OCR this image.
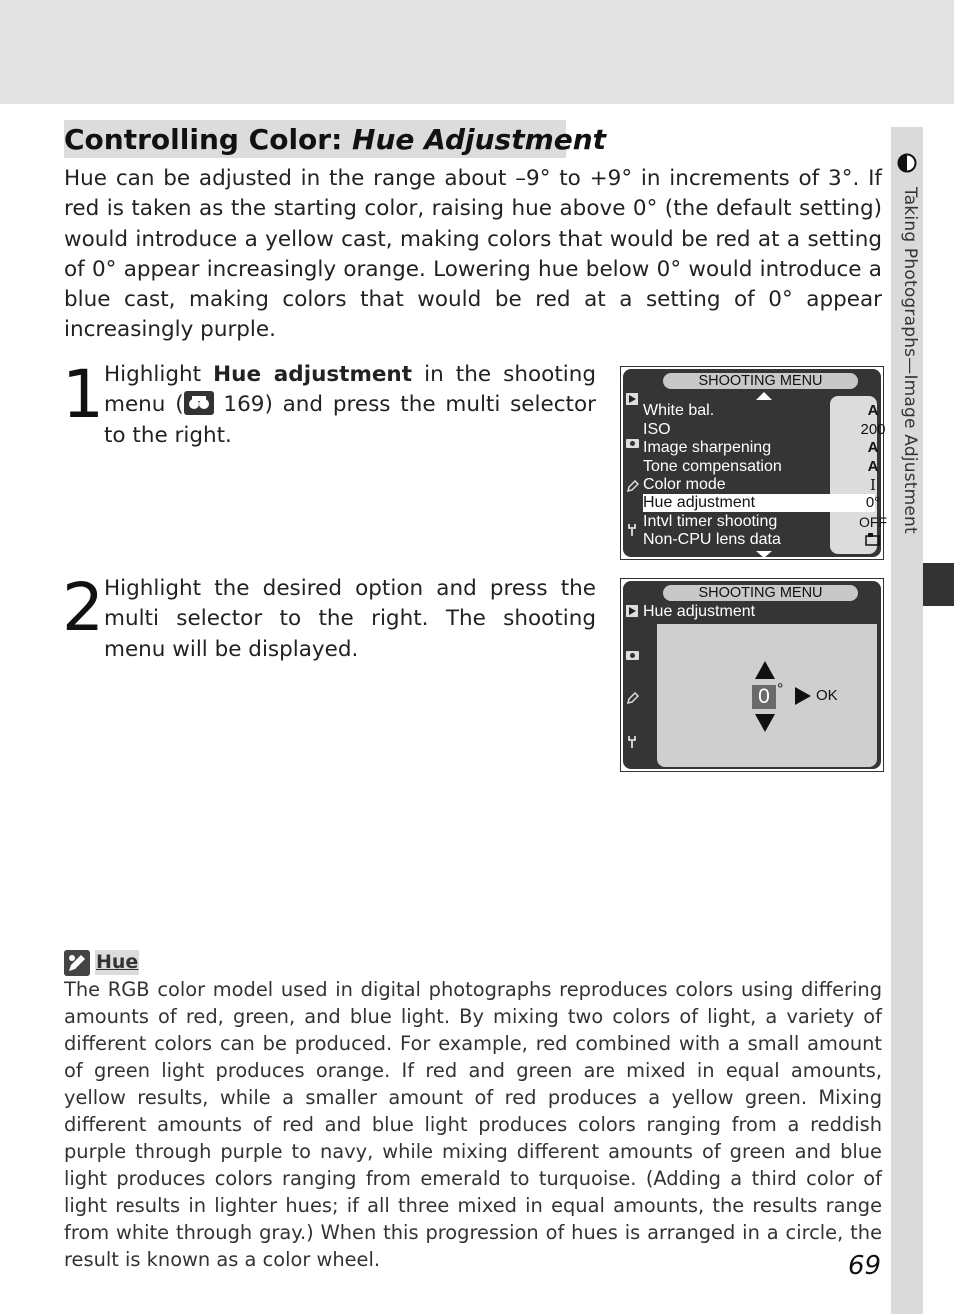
Taking Photographs—Image Adjustment
Controlling Color: Hue Adjustment

Hue can be adjusted in the range about –9° to +9° in increments of 3°. If red is taken as the starting color, raising hue above 0° (the default setting) would introduce a yellow cast, making colors that would be red at a setting of 0° appear increasingly orange. Lowering hue below 0° would introduce a blue cast, making colors that would be red at a setting of 0° appear increasingly purple.

1 Highlight Hue adjustment in the shooting menu ( 169) and press the multi selector to the right.

SHOOTING MENU
White bal.	A
ISO	200
Image sharpening	A
Tone compensation	A
Color mode	I
Hue adjustment	0°
Intvl timer shooting	OFF
Non-CPU lens data
2 Highlight the desired option and press the multi selector to the right. The shooting menu will be displayed.

SHOOTING MENU
Hue adjustment
0 ° OK
Hue

The RGB color model used in digital photographs reproduces colors using differing amounts of red, green, and blue light. By mixing two colors of light, a variety of different colors can be produced. For example, red combined with a small amount of green light produces orange. If red and green are mixed in equal amounts, yellow results, while a smaller amount of red produces a yellow green. Mixing different amounts of red and blue light produces colors ranging from a reddish purple through purple to navy, while mixing different amounts of green and blue light produces colors ranging from emerald to turquoise. (Adding a third color of light results in lighter hues; if all three mixed in equal amounts, the results range from white through gray.) When this progression of hues is arranged in a circle, the result is known as a color wheel.	69
